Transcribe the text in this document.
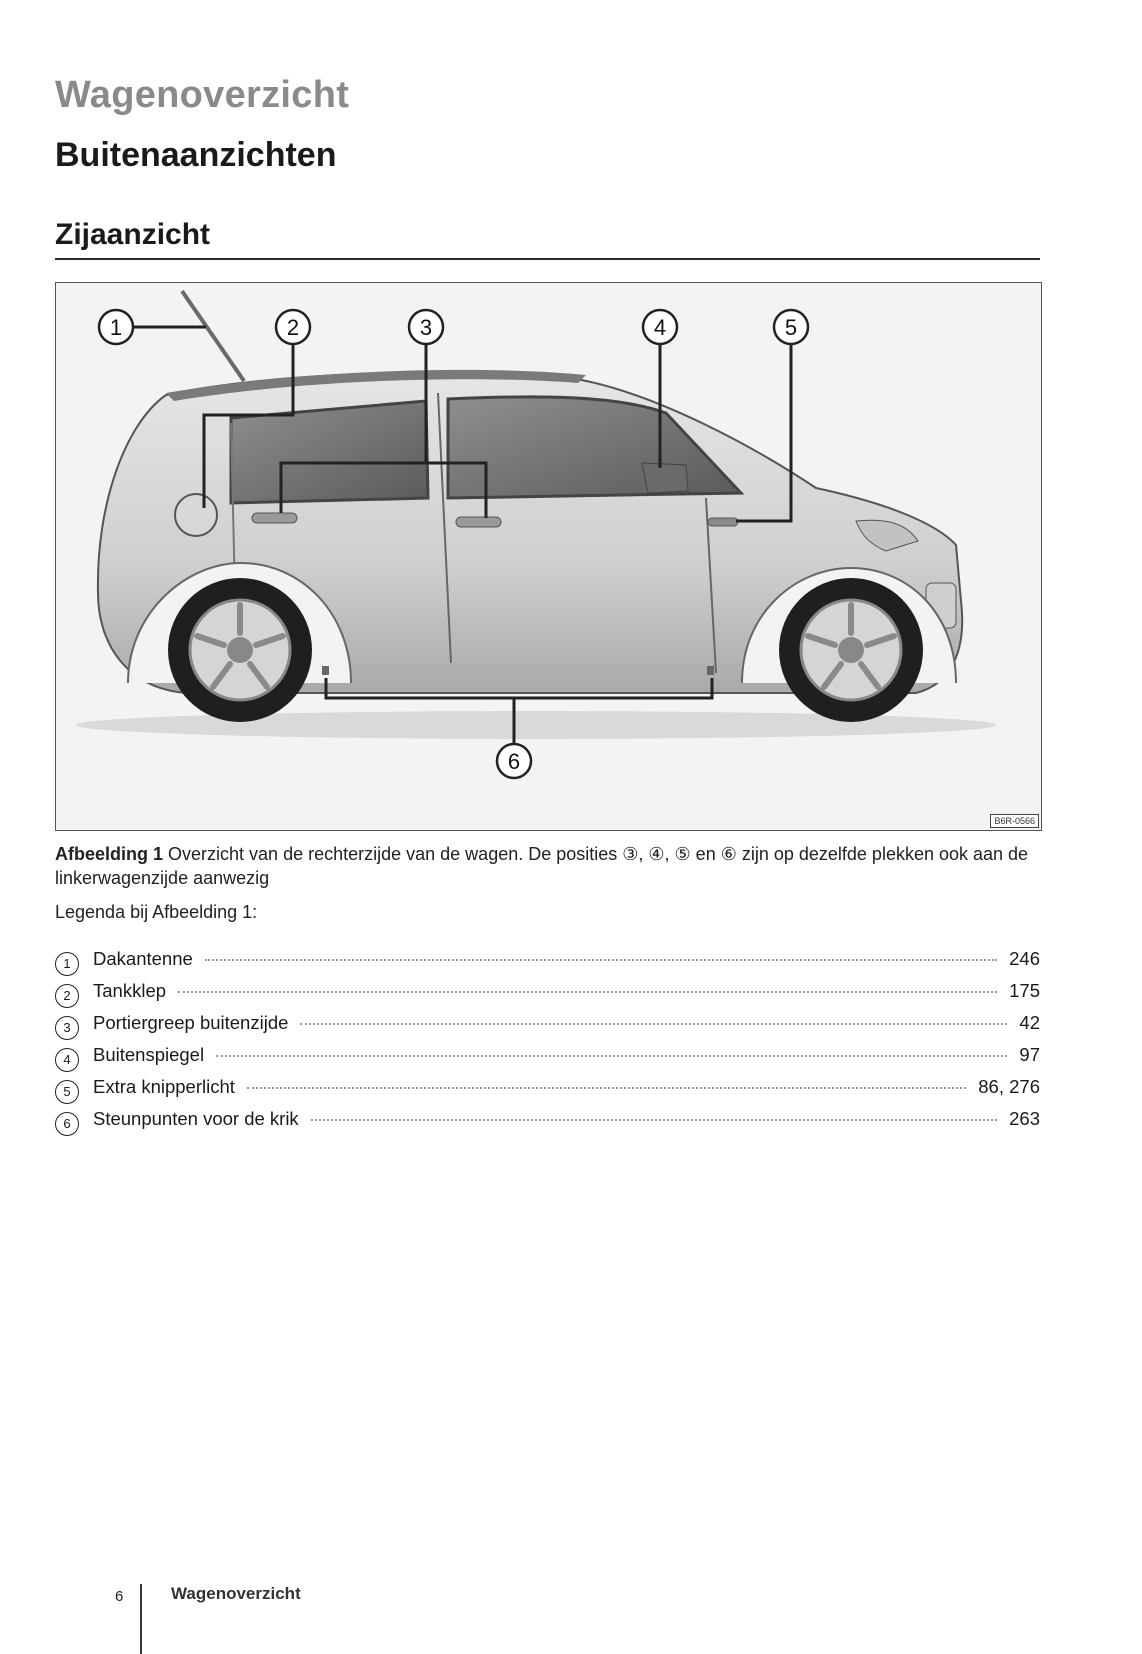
Wagenoverzicht
Buitenaanzichten
Zijaanzicht
1	2	3	4	5
6
B6R-0566

Afbeelding 1 Overzicht van de rechterzijde van de wagen. De posities ③, ④, ⑤ en ⑥ zijn op dezelfde plekken ook aan de linkerwagenzijde aanwezig

Legenda bij Afbeelding 1:

1	Dakantenne	246
2	Tankklep	175
3	Portiergreep buitenzijde	42
4	Buitenspiegel	97
5	Extra knipperlicht	86, 276
6	Steunpunten voor de krik	263
6	Wagenoverzicht
